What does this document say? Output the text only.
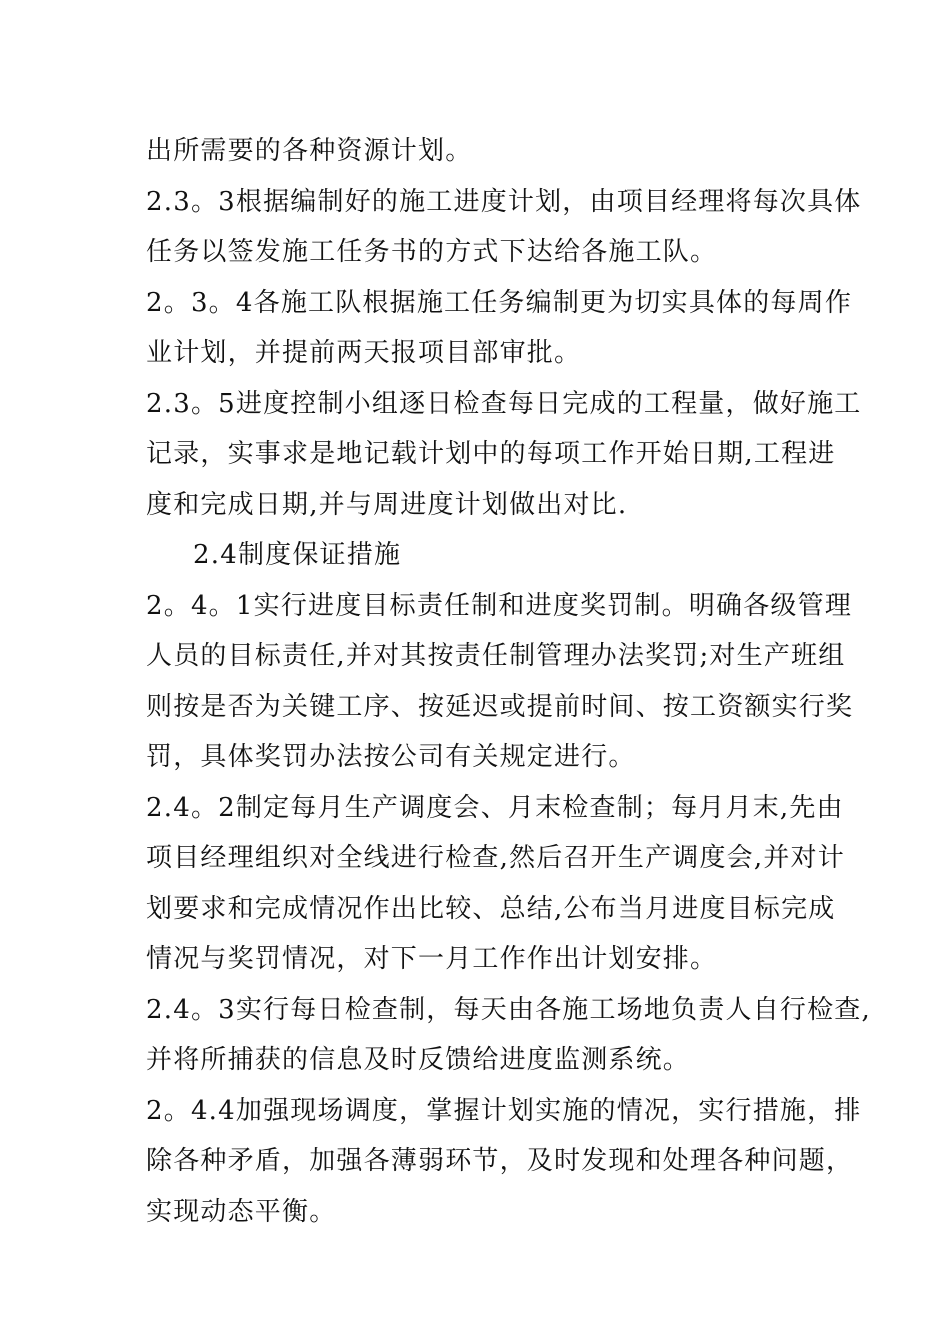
出所需要的各种资源计划。
2.3。3根据编制好的施工进度计划，由项目经理将每次具体
任务以签发施工任务书的方式下达给各施工队。
2。3。4各施工队根据施工任务编制更为切实具体的每周作
业计划，并提前两天报项目部审批。
2.3。5进度控制小组逐日检查每日完成的工程量，做好施工
记录，实事求是地记载计划中的每项工作开始日期,工程进
度和完成日期,并与周进度计划做出对比.
2.4制度保证措施
2。4。1实行进度目标责任制和进度奖罚制。明确各级管理
人员的目标责任,并对其按责任制管理办法奖罚;对生产班组
则按是否为关键工序、按延迟或提前时间、按工资额实行奖
罚，具体奖罚办法按公司有关规定进行。
2.4。2制定每月生产调度会、月末检查制；每月月末,先由
项目经理组织对全线进行检查,然后召开生产调度会,并对计
划要求和完成情况作出比较、总结,公布当月进度目标完成
情况与奖罚情况，对下一月工作作出计划安排。
2.4。3实行每日检查制，每天由各施工场地负责人自行检查,
并将所捕获的信息及时反馈给进度监测系统。
2。4.4加强现场调度，掌握计划实施的情况，实行措施，排
除各种矛盾，加强各薄弱环节，及时发现和处理各种问题，
实现动态平衡。
